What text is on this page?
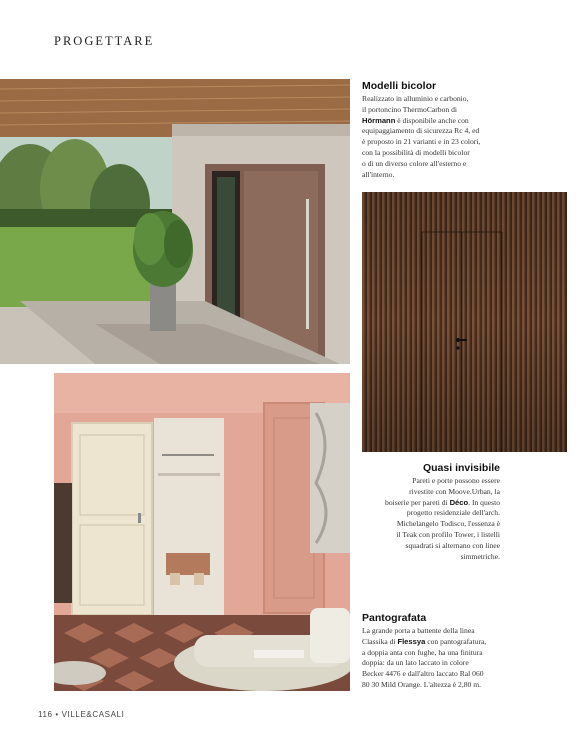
PROGETTARE
Modelli bicolor

Realizzato in alluminio e carbonio,
il portoncino ThermoCarbon di
Hörmann è disponibile anche con
equipaggiamento di sicurezza Rc 4, ed
è proposto in 21 varianti e in 23 colori,
con la possibilità di modelli bicolor
o di un diverso colore all'esterno e
all'interno.

Quasi invisibile

Pareti e porte possono essere
rivestite con Moove.Urban, la
boiserie per pareti di Déco. In questo
progetto residenziale dell'arch.
Michelangelo Todisco, l'essenza è
il Teak con profilo Tower, i listelli
squadrati si alternano con linee
simmetriche.

Pantografata

La grande porta a battente della linea
Classika di Flessya con pantografatura,
a doppia anta con fughe, ha una finitura
doppia: da un lato laccato in colore
Becker 4476 e dall'altro laccato Ral 060
80 30 Mild Orange. L'altezza è 2,80 m.

116 • VILLE&CASALI
